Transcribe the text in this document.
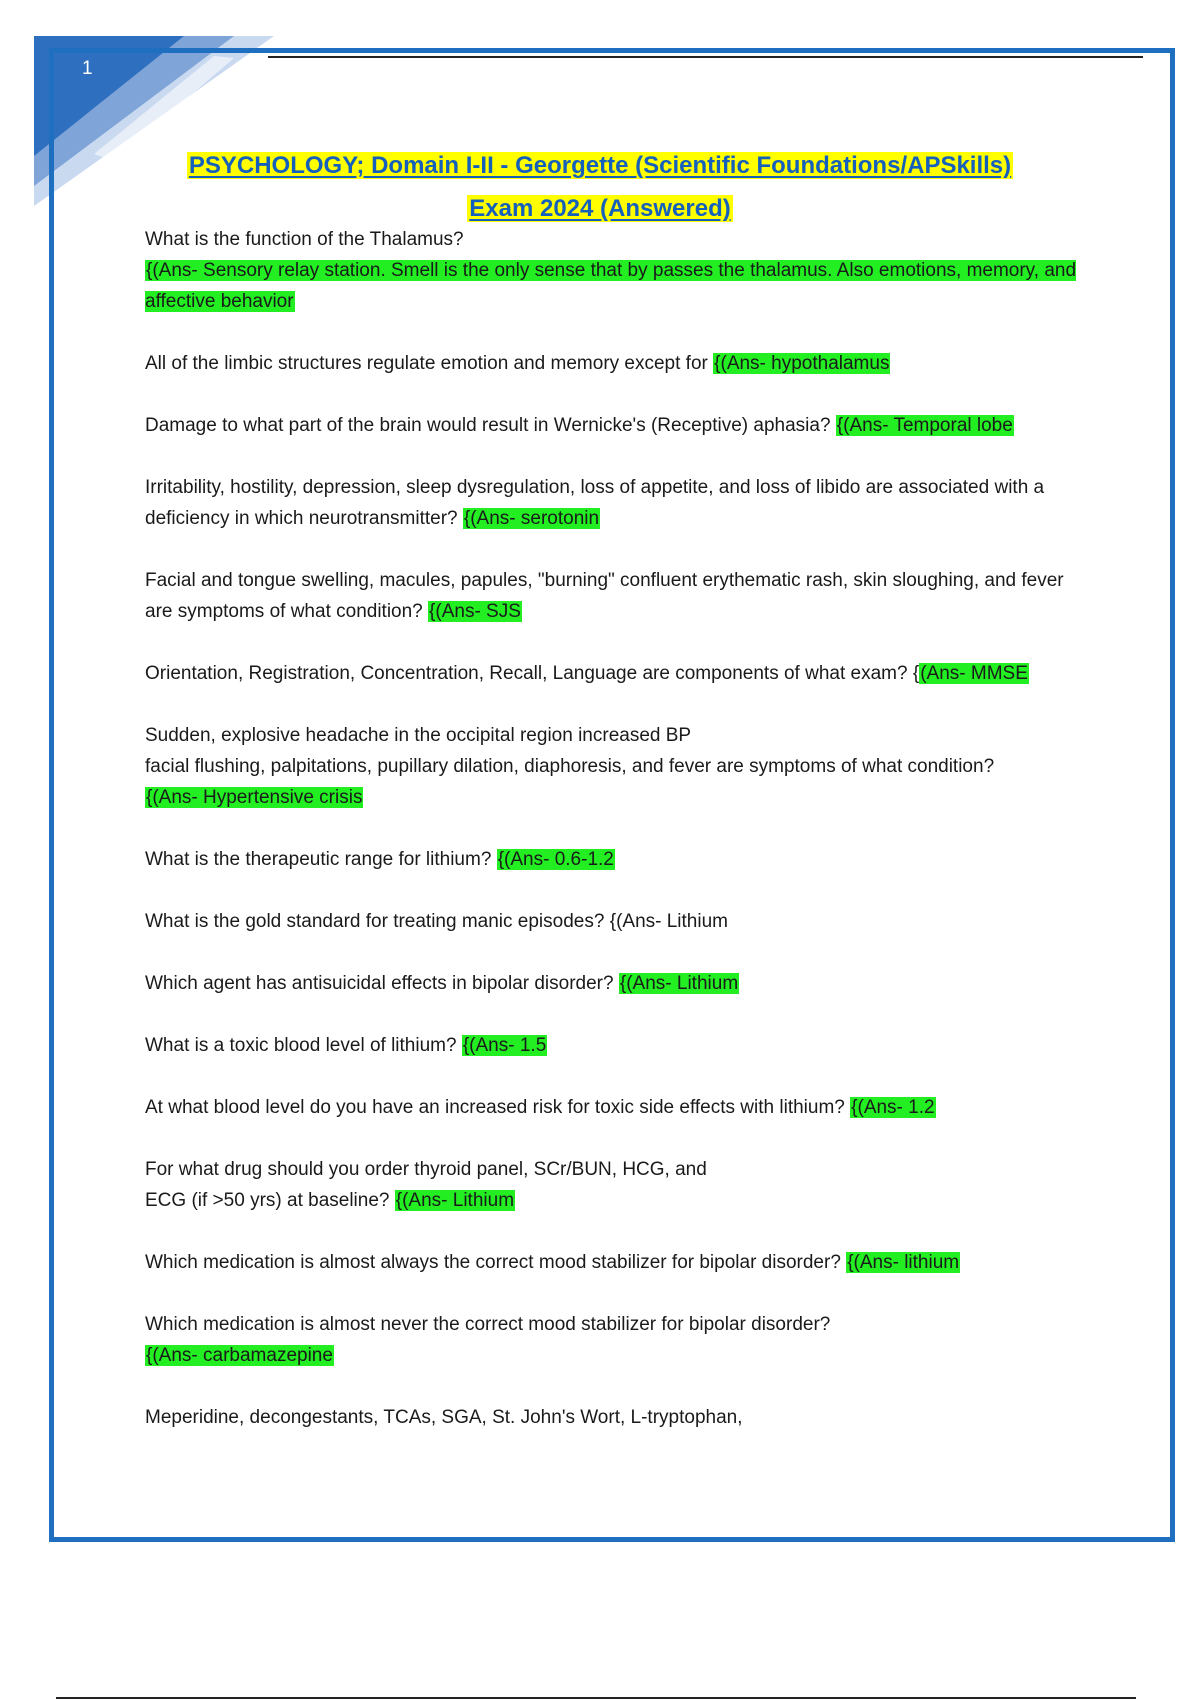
1
PSYCHOLOGY; Domain I-II - Georgette (Scientific Foundations/APSkills)
Exam 2024 (Answered)
What is the function of the Thalamus?
{(Ans- Sensory relay station. Smell is the only sense that by passes the thalamus. Also emotions, memory, and affective behavior
All of the limbic structures regulate emotion and memory except for {(Ans- hypothalamus
Damage to what part of the brain would result in Wernicke's (Receptive) aphasia? {(Ans- Temporal lobe
Irritability, hostility, depression, sleep dysregulation, loss of appetite, and loss of libido are associated with a deficiency in which neurotransmitter? {(Ans- serotonin
Facial and tongue swelling, macules, papules, "burning" confluent erythematic rash, skin sloughing, and fever are symptoms of what condition? {(Ans- SJS
Orientation, Registration, Concentration, Recall, Language are components of what exam? {(Ans- MMSE
Sudden, explosive headache in the occipital region increased BP
facial flushing, palpitations, pupillary dilation, diaphoresis, and fever are symptoms of what condition?
{(Ans- Hypertensive crisis
What is the therapeutic range for lithium? {(Ans- 0.6-1.2
What is the gold standard for treating manic episodes? {(Ans- Lithium
Which agent has antisuicidal effects in bipolar disorder? {(Ans- Lithium
What is a toxic blood level of lithium? {(Ans- 1.5
At what blood level do you have an increased risk for toxic side effects with lithium? {(Ans- 1.2
For what drug should you order thyroid panel, SCr/BUN, HCG, and
ECG (if >50 yrs) at baseline? {(Ans- Lithium
Which medication is almost always the correct mood stabilizer for bipolar disorder? {(Ans- lithium
Which medication is almost never the correct mood stabilizer for bipolar disorder?
{(Ans- carbamazepine
Meperidine, decongestants, TCAs, SGA, St. John's Wort, L-tryptophan,
